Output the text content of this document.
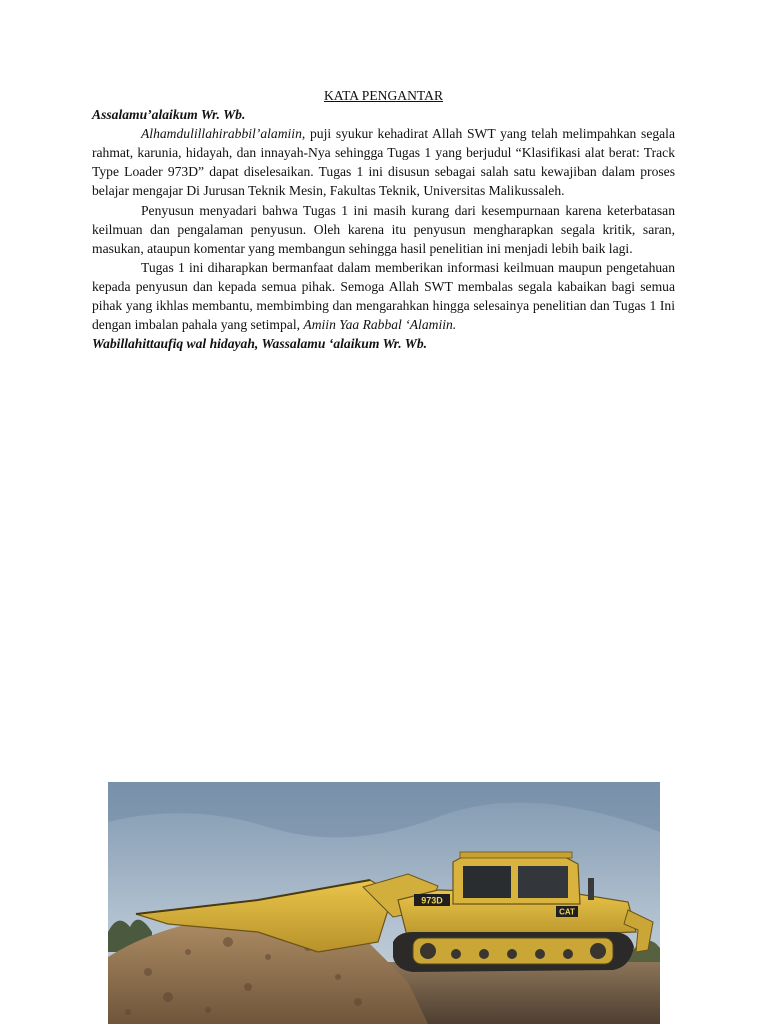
KATA PENGANTAR

Assalamu’alaikum Wr. Wb.

Alhamdulillahirabbil’alamiin, puji syukur kehadirat Allah SWT yang telah melimpahkan segala rahmat, karunia, hidayah, dan innayah-Nya sehingga Tugas 1 yang berjudul “Klasifikasi alat berat: Track Type Loader 973D” dapat diselesaikan. Tugas 1 ini disusun sebagai salah satu kewajiban dalam proses belajar mengajar Di Jurusan Teknik Mesin, Fakultas Teknik, Universitas Malikussaleh.

Penyusun menyadari bahwa Tugas 1 ini masih kurang dari kesempurnaan karena keterbatasan keilmuan dan pengalaman penyusun. Oleh karena itu penyusun mengharapkan segala kritik, saran, masukan, ataupun komentar yang membangun sehingga hasil penelitian ini menjadi lebih baik lagi.

Tugas 1 ini diharapkan bermanfaat dalam memberikan informasi keilmuan maupun pengetahuan kepada penyusun dan kepada semua pihak. Semoga Allah SWT membalas segala kabaikan bagi semua pihak yang ikhlas membantu, membimbing dan mengarahkan hingga selesainya penelitian dan Tugas 1 Ini dengan imbalan pahala yang setimpal, Amiin Yaa Rabbal ‘Alamiin.

Wabillahittaufiq wal hidayah, Wassalamu ‘alaikum Wr. Wb.

973D
CAT
